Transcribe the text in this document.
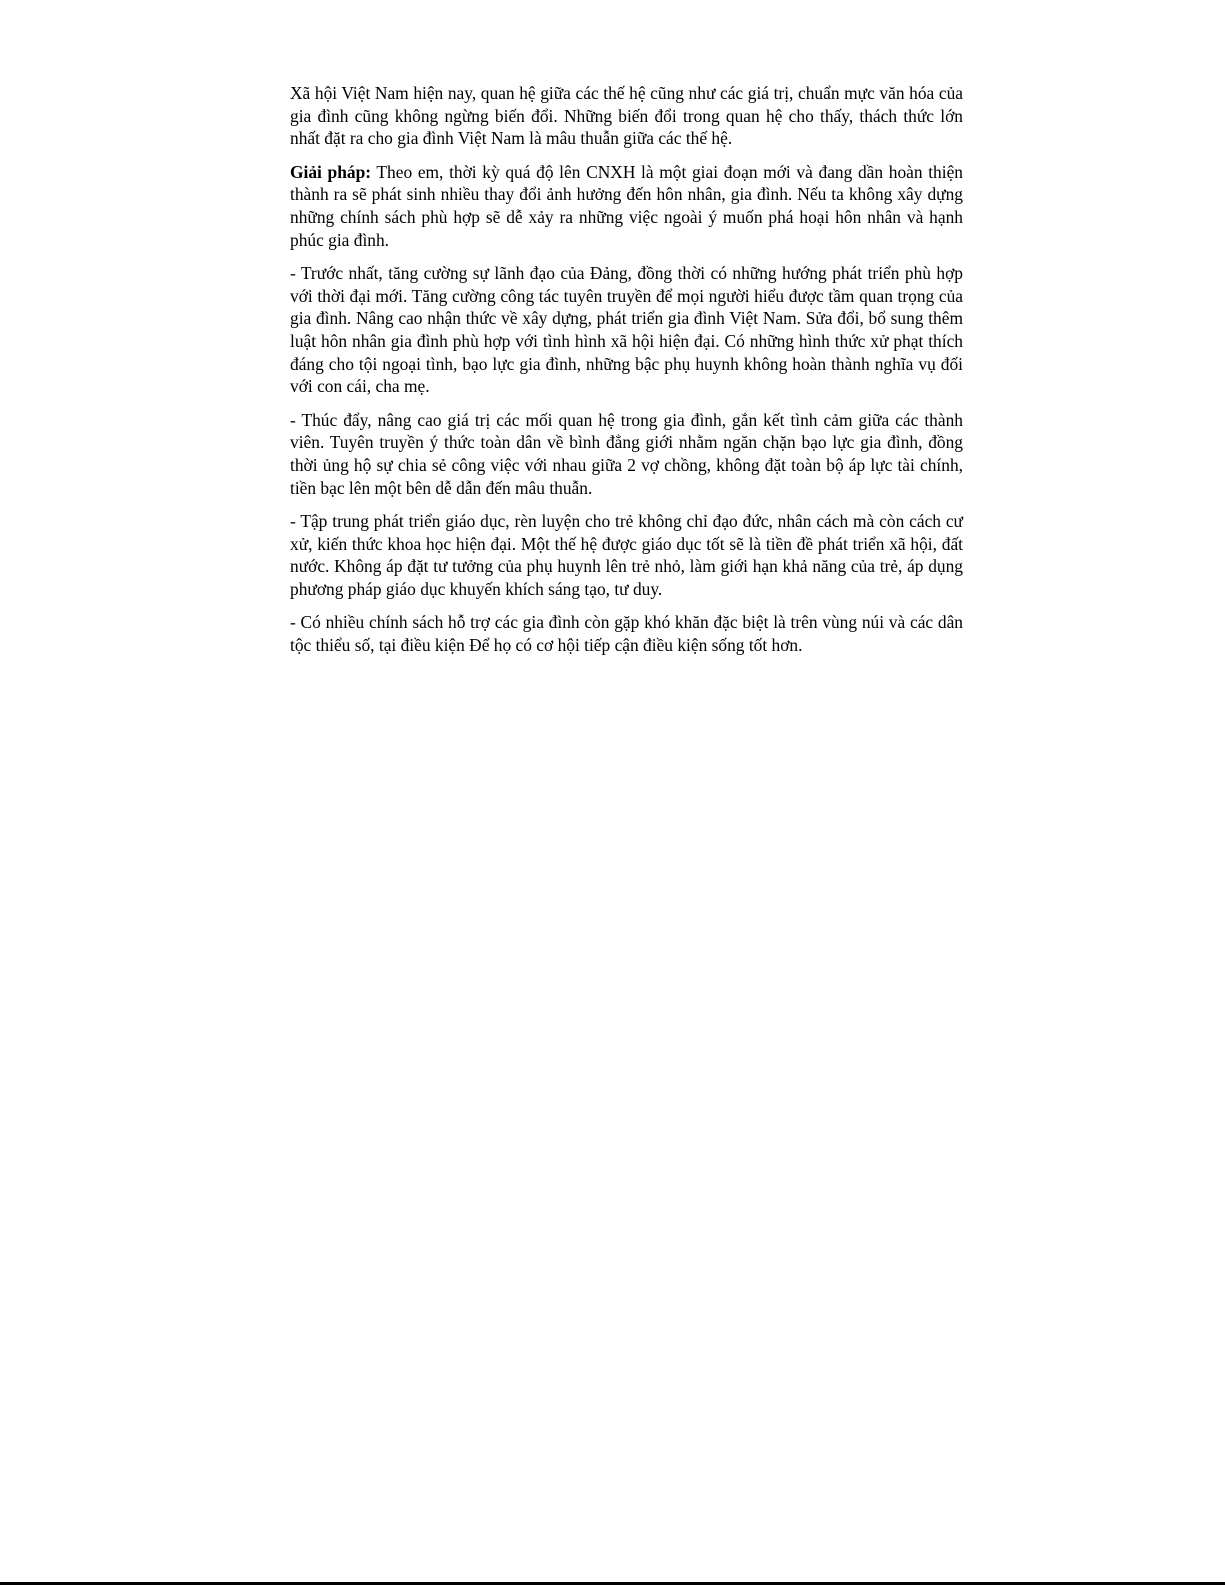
Xã hội Việt Nam hiện nay, quan hệ giữa các thế hệ cũng như các giá trị, chuẩn mực văn hóa của gia đình cũng không ngừng biến đổi. Những biến đổi trong quan hệ cho thấy, thách thức lớn nhất đặt ra cho gia đình Việt Nam là mâu thuẫn giữa các thế hệ.

Giải pháp: Theo em, thời kỳ quá độ lên CNXH là một giai đoạn mới và đang dần hoàn thiện thành ra sẽ phát sinh nhiều thay đổi ảnh hưởng đến hôn nhân, gia đình. Nếu ta không xây dựng những chính sách phù hợp sẽ dễ xảy ra những việc ngoài ý muốn phá hoại hôn nhân và hạnh phúc gia đình.

- Trước nhất, tăng cường sự lãnh đạo của Đảng, đồng thời có những hướng phát triển phù hợp với thời đại mới. Tăng cường công tác tuyên truyền để mọi người hiểu được tầm quan trọng của gia đình. Nâng cao nhận thức về xây dựng, phát triển gia đình Việt Nam. Sửa đổi, bổ sung thêm luật hôn nhân gia đình phù hợp với tình hình xã hội hiện đại. Có những hình thức xử phạt thích đáng cho tội ngoại tình, bạo lực gia đình, những bậc phụ huynh không hoàn thành nghĩa vụ đối với con cái, cha mẹ.

- Thúc đẩy, nâng cao giá trị các mối quan hệ trong gia đình, gắn kết tình cảm giữa các thành viên. Tuyên truyền ý thức toàn dân về bình đẳng giới nhằm ngăn chặn bạo lực gia đình, đồng thời ủng hộ sự chia sẻ công việc với nhau giữa 2 vợ chồng, không đặt toàn bộ áp lực tài chính, tiền bạc lên một bên dễ dẫn đến mâu thuẫn.

- Tập trung phát triển giáo dục, rèn luyện cho trẻ không chỉ đạo đức, nhân cách mà còn cách cư xử, kiến thức khoa học hiện đại. Một thế hệ được giáo dục tốt sẽ là tiền đề phát triển xã hội, đất nước. Không áp đặt tư tưởng của phụ huynh lên trẻ nhỏ, làm giới hạn khả năng của trẻ, áp dụng phương pháp giáo dục khuyến khích sáng tạo, tư duy.

- Có nhiều chính sách hỗ trợ các gia đình còn gặp khó khăn đặc biệt là trên vùng núi và các dân tộc thiểu số, tại điều kiện Để họ có cơ hội tiếp cận điều kiện sống tốt hơn.
